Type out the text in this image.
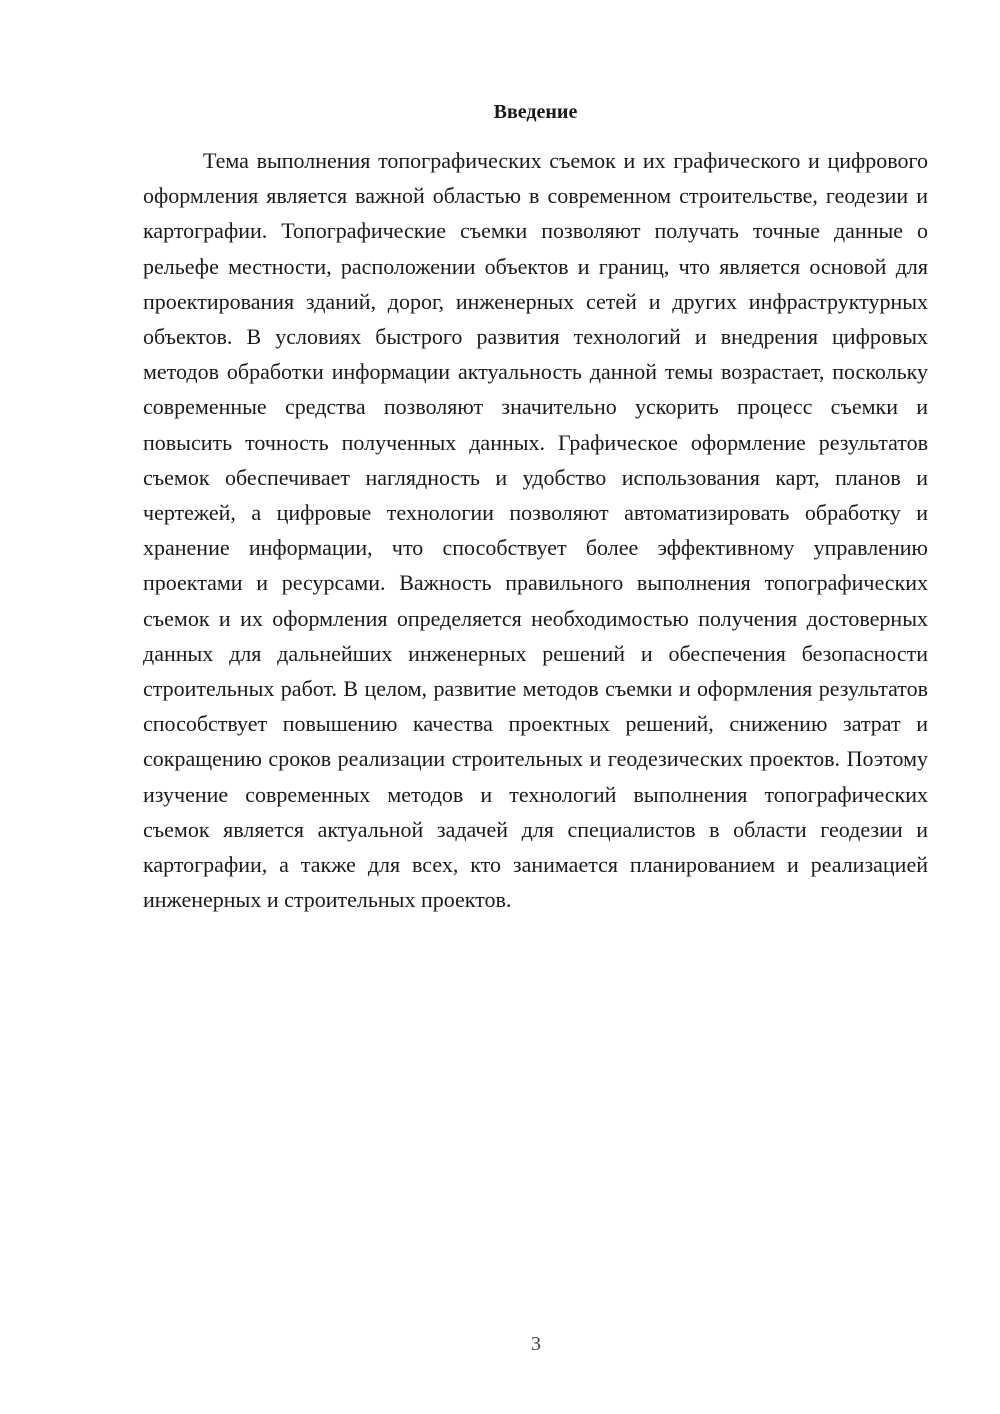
Введение

Тема выполнения топографических съемок и их графического и цифрового оформления является важной областью в современном строительстве, геодезии и картографии. Топографические съемки позволяют получать точные данные о рельефе местности, расположении объектов и границ, что является основой для проектирования зданий, дорог, инженерных сетей и других инфраструктурных объектов. В условиях быстрого развития технологий и внедрения цифровых методов обработки информации актуальность данной темы возрастает, поскольку современные средства позволяют значительно ускорить процесс съемки и повысить точность полученных данных. Графическое оформление результатов съемок обеспечивает наглядность и удобство использования карт, планов и чертежей, а цифровые технологии позволяют автоматизировать обработку и хранение информации, что способствует более эффективному управлению проектами и ресурсами. Важность правильного выполнения топографических съемок и их оформления определяется необходимостью получения достоверных данных для дальнейших инженерных решений и обеспечения безопасности строительных работ. В целом, развитие методов съемки и оформления результатов способствует повышению качества проектных решений, снижению затрат и сокращению сроков реализации строительных и геодезических проектов. Поэтому изучение современных методов и технологий выполнения топографических съемок является актуальной задачей для специалистов в области геодезии и картографии, а также для всех, кто занимается планированием и реализацией инженерных и строительных проектов.

3
